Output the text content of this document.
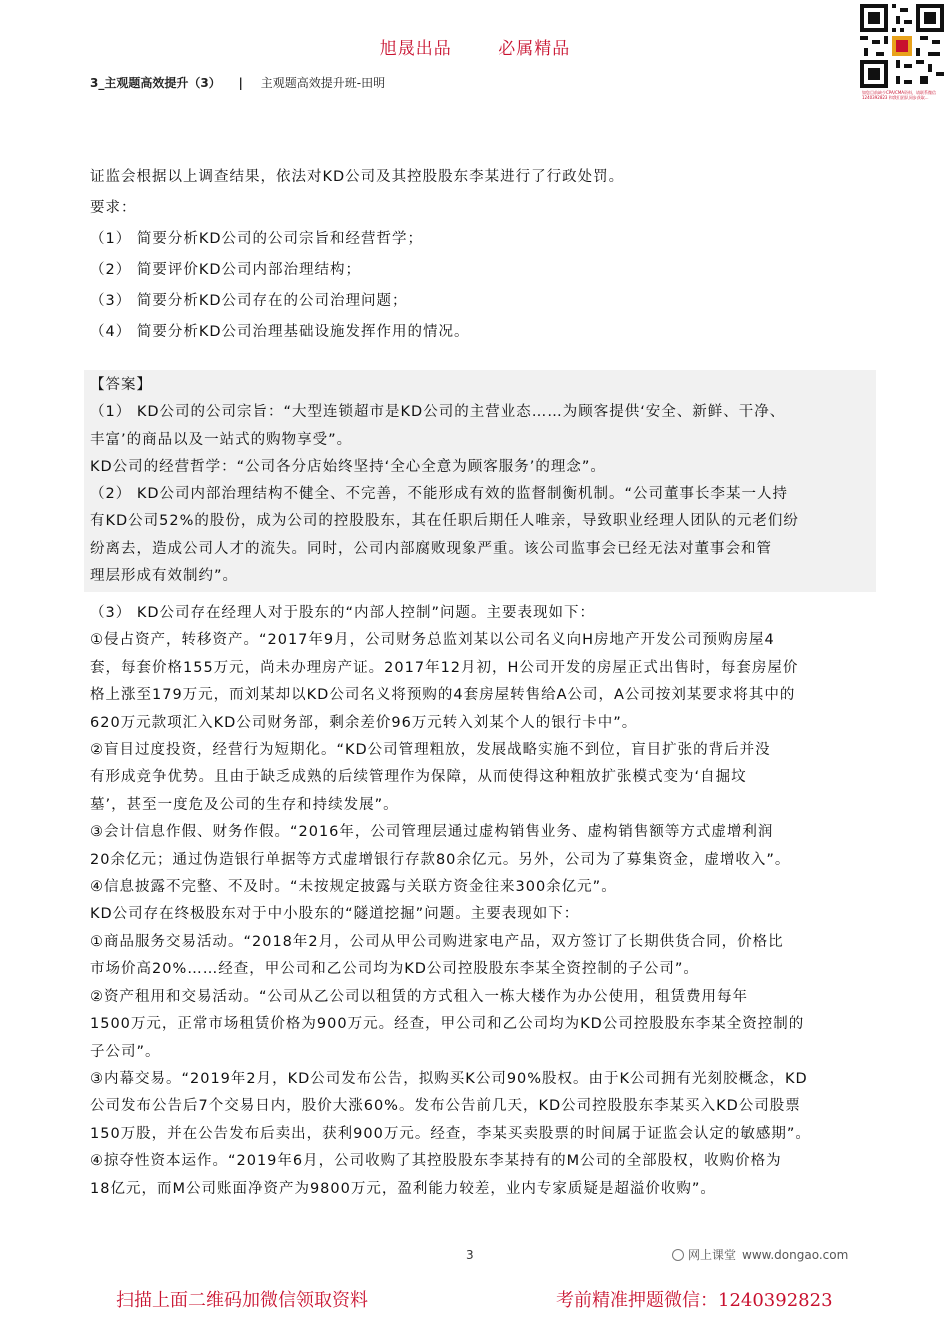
旭晟出品	必属精品
3_主观题高效提升（3） | 主观题高效提升班-田明
如您目前缺少CPA/CMA资料，请联系微信 1240392823 和我们团队同步获取...

证监会根据以上调查结果，依法对KD公司及其控股股东李某进行了行政处罚。

要求：

（1） 简要分析KD公司的公司宗旨和经营哲学；

（2） 简要评价KD公司内部治理结构；

（3） 简要分析KD公司存在的公司治理问题；

（4） 简要分析KD公司治理基础设施发挥作用的情况。

【答案】

（1） KD公司的公司宗旨：“大型连锁超市是KD公司的主营业态……为顾客提供‘安全、新鲜、干净、

丰富’的商品以及一站式的购物享受”。

KD公司的经营哲学：“公司各分店始终坚持‘全心全意为顾客服务’的理念”。

（2） KD公司内部治理结构不健全、不完善，不能形成有效的监督制衡机制。“公司董事长李某一人持

有KD公司52%的股份，成为公司的控股股东，其在任职后期任人唯亲，导致职业经理人团队的元老们纷

纷离去，造成公司人才的流失。同时，公司内部腐败现象严重。该公司监事会已经无法对董事会和管

理层形成有效制约”。

（3） KD公司存在经理人对于股东的“内部人控制”问题。主要表现如下：

①侵占资产，转移资产。“2017年9月，公司财务总监刘某以公司名义向H房地产开发公司预购房屋4

套，每套价格155万元，尚未办理房产证。2017年12月初，H公司开发的房屋正式出售时，每套房屋价

格上涨至179万元，而刘某却以KD公司名义将预购的4套房屋转售给A公司，A公司按刘某要求将其中的

620万元款项汇入KD公司财务部，剩余差价96万元转入刘某个人的银行卡中”。

②盲目过度投资，经营行为短期化。“KD公司管理粗放，发展战略实施不到位，盲目扩张的背后并没

有形成竞争优势。且由于缺乏成熟的后续管理作为保障，从而使得这种粗放扩张模式变为‘自掘坟

墓’，甚至一度危及公司的生存和持续发展”。

③会计信息作假、财务作假。“2016年，公司管理层通过虚构销售业务、虚构销售额等方式虚增利润

20余亿元；通过伪造银行单据等方式虚增银行存款80余亿元。另外，公司为了募集资金，虚增收入”。

④信息披露不完整、不及时。“未按规定披露与关联方资金往来300余亿元”。

KD公司存在终极股东对于中小股东的“隧道挖掘”问题。主要表现如下：

①商品服务交易活动。“2018年2月，公司从甲公司购进家电产品，双方签订了长期供货合同，价格比

市场价高20%……经查，甲公司和乙公司均为KD公司控股股东李某全资控制的子公司”。

②资产租用和交易活动。“公司从乙公司以租赁的方式租入一栋大楼作为办公使用，租赁费用每年

1500万元，正常市场租赁价格为900万元。经查，甲公司和乙公司均为KD公司控股股东李某全资控制的

子公司”。

③内幕交易。“2019年2月，KD公司发布公告，拟购买K公司90%股权。由于K公司拥有光刻胶概念，KD

公司发布公告后7个交易日内，股价大涨60%。发布公告前几天，KD公司控股股东李某买入KD公司股票

150万股，并在公告发布后卖出，获利900万元。经查，李某买卖股票的时间属于证监会认定的敏感期”。

④掠夺性资本运作。“2019年6月，公司收购了其控股股东李某持有的M公司的全部股权，收购价格为

18亿元，而M公司账面净资产为9800万元，盈利能力较差，业内专家质疑是超溢价收购”。

3	网上课堂 www.dongao.com
扫描上面二维码加微信领取资料	考前精准押题微信：1240392823
